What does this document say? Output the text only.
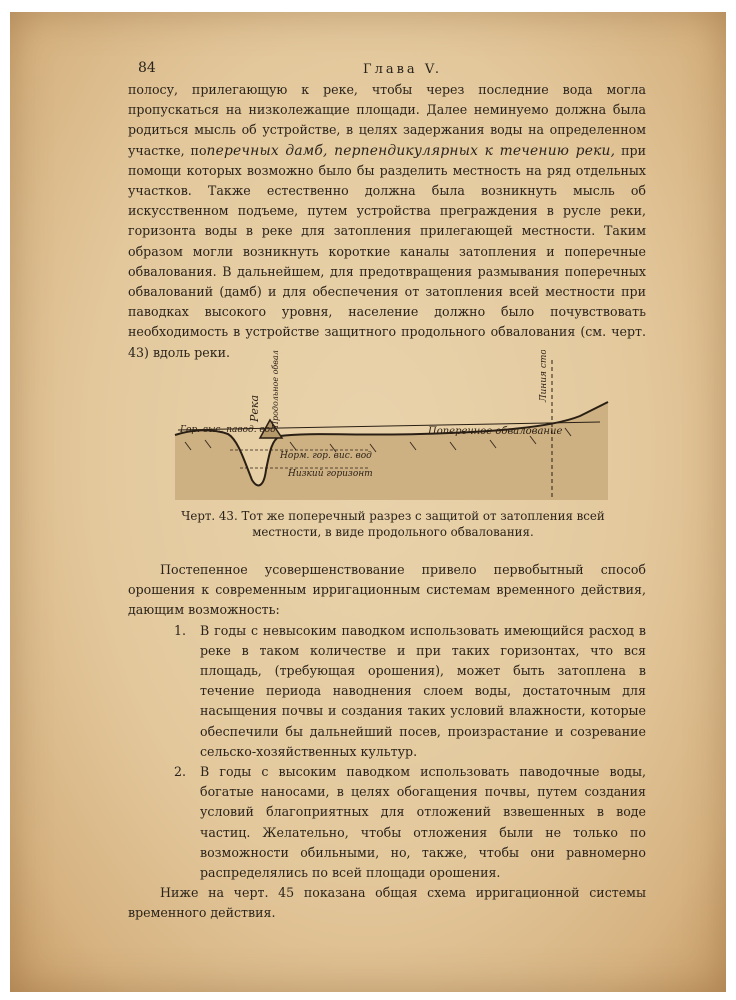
84	Глава V.

полосу, прилегающую к реке, чтобы через последние вода могла пропускаться на низколежащие площади. Далее неминуемо должна была родиться мысль об устройстве, в целях задержания воды на определенном участке, поперечных дамб, перпендикулярных к течению реки, при помощи которых возможно было бы разделить местность на ряд отдельных участков. Также естественно должна была возникнуть мысль об искусственном подъеме, путем устройства преграждения в русле реки, горизонта воды в реке для затопления прилегающей местности. Таким образом могли возникнуть короткие каналы затопления и поперечные обвалования. В дальнейшем, для предотвращения размывания поперечных обвалований (дамб) и для обеспечения от затопления всей местности при паводках высокого уровня, население должно было почувствовать необходимость в устройстве защитного продольного обвалования (см. черт. 43) вдоль реки.

Гор. выс. павод. вод
Норм. гор. вис. вод
Низкий горизонт
Поперечное обвалование
Река Продольное обвалование.	Линия стока
Черт. 43. Тот же поперечный разрез с защитой от затопления всей местности, в виде продольного обвалования.

Постепенное усовершенствование привело первобытный способ орошения к современным ирригационным системам временного действия, дающим возможность:

1. В годы с невысоким паводком использовать имеющийся расход в реке в таком количестве и при таких горизонтах, что вся площадь, (требующая орошения), может быть затоплена в течение периода наводнения слоем воды, достаточным для насыщения почвы и создания таких условий влажности, которые обеспечили бы дальнейший посев, произрастание и созревание сельско-хозяйственных культур.
2. В годы с высоким паводком использовать паводочные воды, богатые наносами, в целях обогащения почвы, путем создания условий благоприятных для отложений взвешенных в воде частиц. Желательно, чтобы отложения были не только по возможности обильными, но, также, чтобы они равномерно распределялись по всей площади орошения.

Ниже на черт. 45 показана общая схема ирригационной системы временного действия.
